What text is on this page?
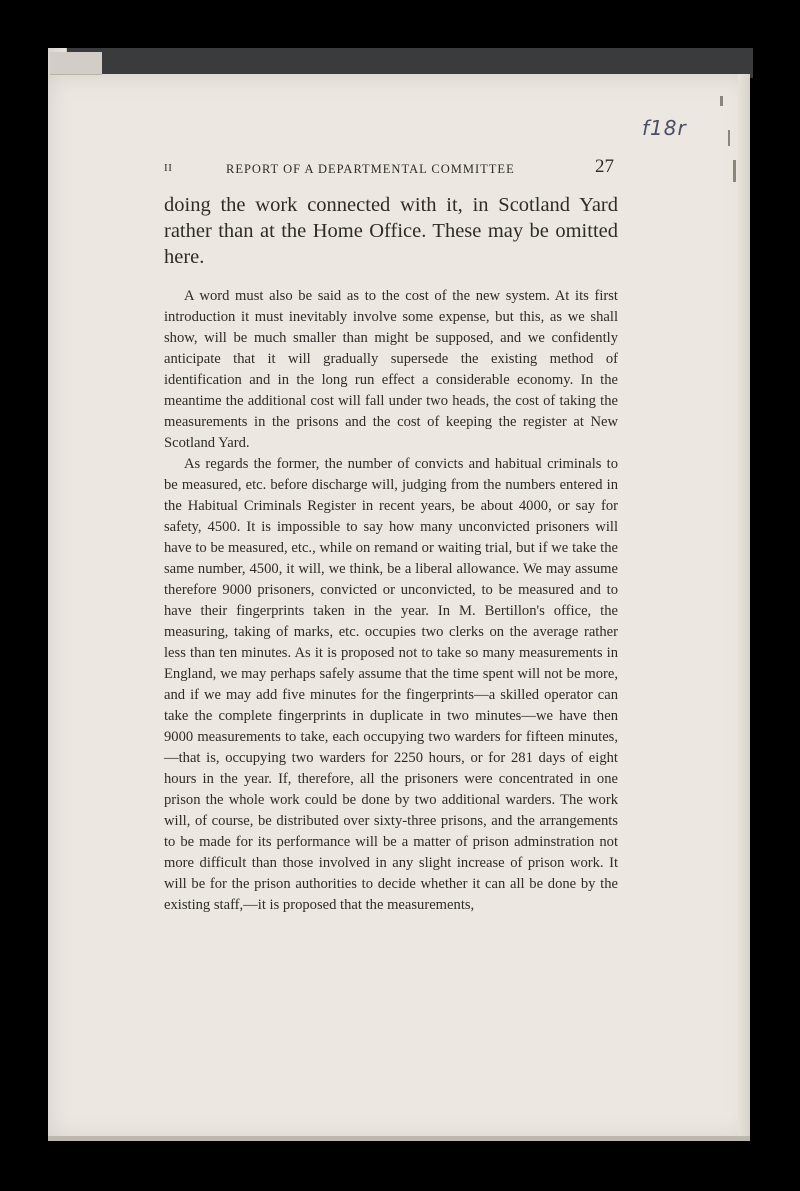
f18r
II	REPORT OF A DEPARTMENTAL COMMITTEE	27

doing the work connected with it, in Scotland Yard rather than at the Home Office. These may be omitted here.

A word must also be said as to the cost of the new system. At its first introduction it must inevitably involve some expense, but this, as we shall show, will be much smaller than might be supposed, and we confidently anticipate that it will gradually supersede the existing method of identification and in the long run effect a considerable economy. In the meantime the additional cost will fall under two heads, the cost of taking the measurements in the prisons and the cost of keeping the register at New Scotland Yard.

As regards the former, the number of convicts and habitual criminals to be measured, etc. before discharge will, judging from the numbers entered in the Habitual Criminals Register in recent years, be about 4000, or say for safety, 4500. It is impossible to say how many unconvicted prisoners will have to be measured, etc., while on remand or waiting trial, but if we take the same number, 4500, it will, we think, be a liberal allowance. We may assume therefore 9000 prisoners, convicted or unconvicted, to be measured and to have their fingerprints taken in the year. In M. Bertillon's office, the measuring, taking of marks, etc. occupies two clerks on the average rather less than ten minutes. As it is proposed not to take so many measurements in England, we may perhaps safely assume that the time spent will not be more, and if we may add five minutes for the fingerprints—a skilled operator can take the complete fingerprints in duplicate in two minutes—we have then 9000 measurements to take, each occupying two warders for fifteen minutes,—that is, occupying two warders for 2250 hours, or for 281 days of eight hours in the year. If, therefore, all the prisoners were concentrated in one prison the whole work could be done by two additional warders. The work will, of course, be distributed over sixty-three prisons, and the arrangements to be made for its performance will be a matter of prison adminstration not more difficult than those involved in any slight increase of prison work. It will be for the prison authorities to decide whether it can all be done by the existing staff,—it is proposed that the measurements,
